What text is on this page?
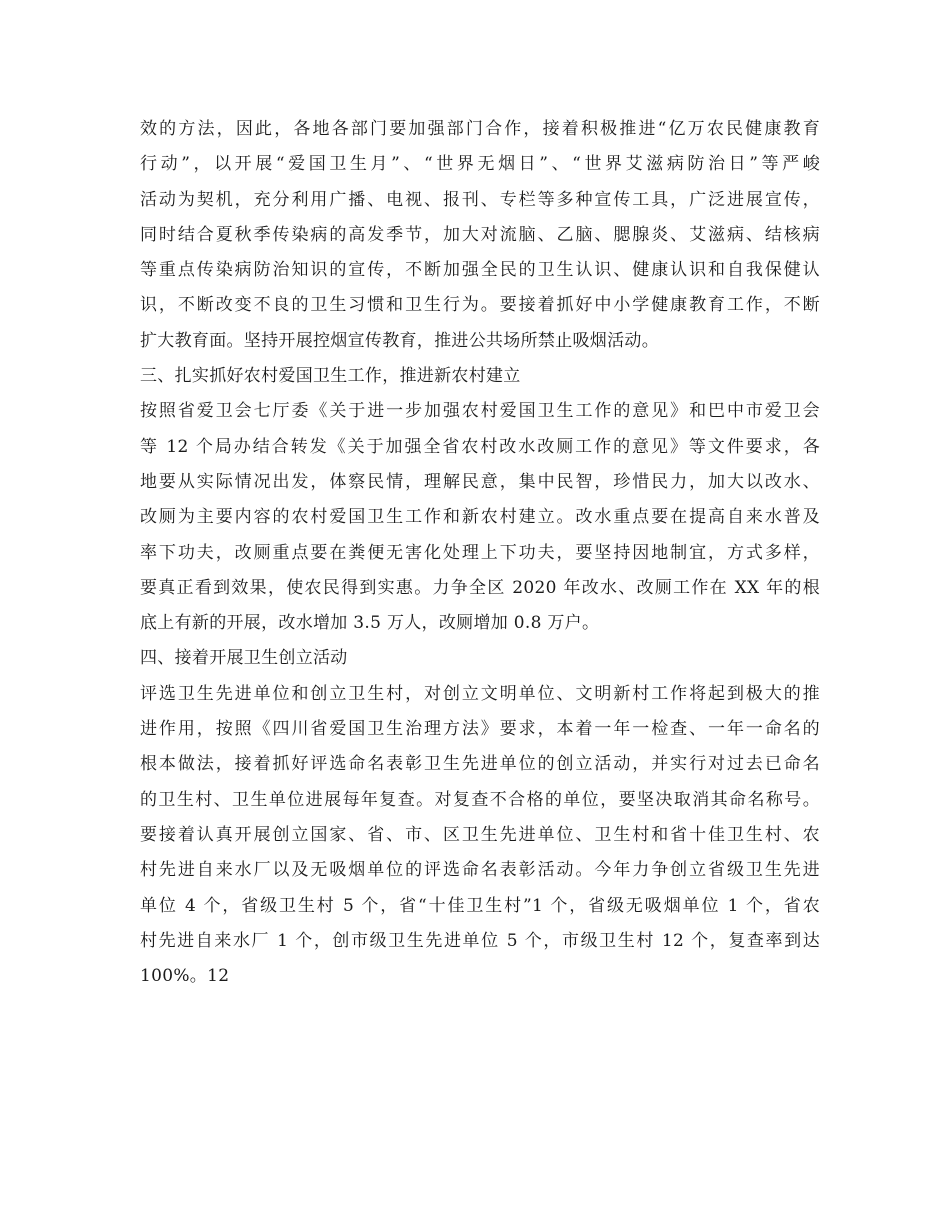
效的方法，因此，各地各部门要加强部门合作，接着积极推进“亿万农民健康教育
行动”，以开展“爱国卫生月”、“世界无烟日”、“世界艾滋病防治日”等严峻
活动为契机，充分利用广播、电视、报刊、专栏等多种宣传工具，广泛进展宣传，
同时结合夏秋季传染病的高发季节，加大对流脑、乙脑、腮腺炎、艾滋病、结核病
等重点传染病防治知识的宣传，不断加强全民的卫生认识、健康认识和自我保健认
识，不断改变不良的卫生习惯和卫生行为。要接着抓好中小学健康教育工作，不断
扩大教育面。坚持开展控烟宣传教育，推进公共场所禁止吸烟活动。
三、扎实抓好农村爱国卫生工作，推进新农村建立
按照省爱卫会七厅委《关于进一步加强农村爱国卫生工作的意见》和巴中市爱卫会
等 12 个局办结合转发《关于加强全省农村改水改厕工作的意见》等文件要求，各
地要从实际情况出发，体察民情，理解民意，集中民智，珍惜民力，加大以改水、
改厕为主要内容的农村爱国卫生工作和新农村建立。改水重点要在提高自来水普及
率下功夫，改厕重点要在粪便无害化处理上下功夫，要坚持因地制宜，方式多样，
要真正看到效果，使农民得到实惠。力争全区 2020 年改水、改厕工作在 XX 年的根
底上有新的开展，改水增加 3.5 万人，改厕增加 0.8 万户。
四、接着开展卫生创立活动
评选卫生先进单位和创立卫生村，对创立文明单位、文明新村工作将起到极大的推
进作用，按照《四川省爱国卫生治理方法》要求，本着一年一检查、一年一命名的
根本做法，接着抓好评选命名表彰卫生先进单位的创立活动，并实行对过去已命名
的卫生村、卫生单位进展每年复查。对复查不合格的单位，要坚决取消其命名称号。
要接着认真开展创立国家、省、市、区卫生先进单位、卫生村和省十佳卫生村、农
村先进自来水厂以及无吸烟单位的评选命名表彰活动。今年力争创立省级卫生先进
单位 4 个，省级卫生村 5 个，省“十佳卫生村”1 个，省级无吸烟单位 1 个，省农
村先进自来水厂 1 个，创市级卫生先进单位 5 个，市级卫生村 12 个，复查率到达
100%。12
